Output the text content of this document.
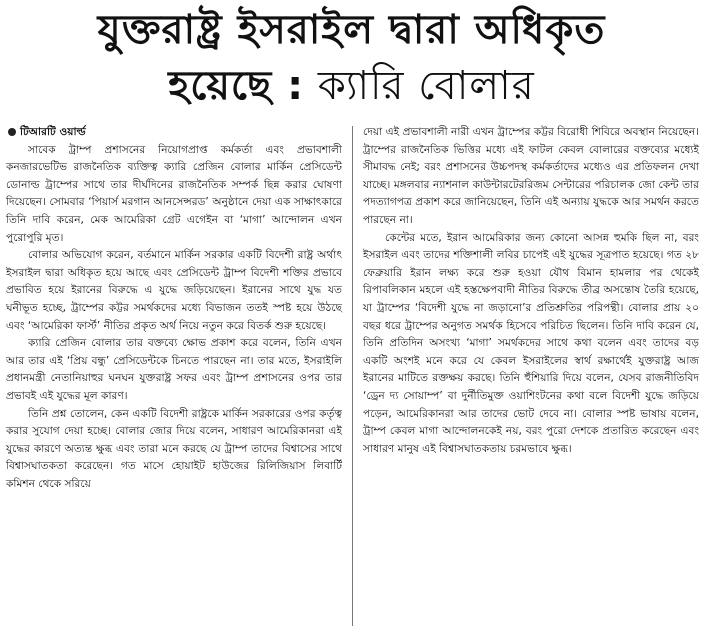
যুক্তরাষ্ট্র ইসরাইল দ্বারা অধিকৃত
হয়েছে : ক্যারি বোলার

টিআরটি ওয়ার্ল্ড

সাবেক ট্রাম্প প্রশাসনের নিয়োগপ্রাপ্ত কর্মকর্তা এবং প্রভাবশালী কনজারভেটিভ রাজনৈতিক ব্যক্তিত্ব ক্যারি প্রেজিন বোলার মার্কিন প্রেসিডেন্ট ডোনাল্ড ট্রাম্পের সাথে তার দীর্ঘদিনের রাজনৈতিক সম্পর্ক ছিন্ন করার ঘোষণা দিয়েছেন। সোমবার ‘পিয়ার্স মরগান আনসেন্সরড’ অনুষ্ঠানে দেয়া এক সাক্ষাৎকারে তিনি দাবি করেন, মেক আমেরিকা গ্রেট এগেইন বা ‘মাগা’ আন্দোলন এখন পুরোপুরি মৃত।

বোলার অভিযোগ করেন, বর্তমানে মার্কিন সরকার একটি বিদেশী রাষ্ট্র অর্থাৎ ইসরাইল দ্বারা অধিকৃত হয়ে আছে এবং প্রেসিডেন্ট ট্রাম্প বিদেশী শক্তির প্রভাবে প্রভাবিত হয়ে ইরানের বিরুদ্ধে এ যুদ্ধে জড়িয়েছেন। ইরানের সাথে যুদ্ধ যত ঘনীভূত হচ্ছে, ট্রাম্পের কট্টর সমর্থকদের মধ্যে বিভাজন ততই স্পষ্ট হয়ে উঠছে এবং ‘আমেরিকা ফার্স্ট’ নীতির প্রকৃত অর্থ নিয়ে নতুন করে বিতর্ক শুরু হয়েছে।

ক্যারি প্রেজিন বোলার তার বক্তব্যে ক্ষোভ প্রকাশ করে বলেন, তিনি এখন আর তার এই ‘প্রিয় বন্ধু’ প্রেসিডেন্টকে চিনতে পারছেন না। তার মতে, ইসরাইলি প্রধানমন্ত্রী নেতানিয়াহুর ঘনঘন যুক্তরাষ্ট্র সফর এবং ট্রাম্প প্রশাসনের ওপর তার প্রভাবই এই যুদ্ধের মূল কারণ।

তিনি প্রশ্ন তোলেন, কেন একটি বিদেশী রাষ্ট্রকে মার্কিন সরকারের ওপর কর্তৃত্ব করার সুযোগ দেয়া হচ্ছে। বোলার জোর দিয়ে বলেন, সাধারণ আমেরিকানরা এই যুদ্ধের কারণে অত্যন্ত ক্ষুব্ধ এবং তারা মনে করছে যে ট্রাম্প তাদের বিশ্বাসের সাথে বিশ্বাসঘাতকতা করেছেন। গত মাসে হোয়াইট হাউজের রিলিজিয়াস লিবার্টি কমিশন থেকে সরিয়ে

দেয়া এই প্রভাবশালী নারী এখন ট্রাম্পের কট্টর বিরোধী শিবিরে অবস্থান নিয়েছেন। ট্রাম্পের রাজনৈতিক ভিত্তির মধ্যে এই ফাটল কেবল বোলারের বক্তব্যের মধ্যেই সীমাবদ্ধ নেই; বরং প্রশাসনের উচ্চপদস্থ কর্মকর্তাদের মধ্যেও এর প্রতিফলন দেখা যাচ্ছে। মঙ্গলবার ন্যাশনাল কাউন্টারটেররিজম সেন্টারের পরিচালক জো কেন্ট তার পদত্যাগপত্র প্রকাশ করে জানিয়েছেন, তিনি এই অন্যায় যুদ্ধকে আর সমর্থন করতে পারছেন না।

কেন্টের মতে, ইরান আমেরিকার জন্য কোনো আসন্ন হুমকি ছিল না, বরং ইসরাইল এবং তাদের শক্তিশালী লবির চাপেই এই যুদ্ধের সূত্রপাত হয়েছে। গত ২৮ ফেব্রুয়ারি ইরান লক্ষ্য করে শুরু হওয়া যৌথ বিমান হামলার পর থেকেই রিপাবলিকান মহলে এই হস্তক্ষেপবাদী নীতির বিরুদ্ধে তীব্র অসন্তোষ তৈরি হয়েছে, যা ট্রাম্পের ‘বিদেশী যুদ্ধে না জড়ানো’র প্রতিশ্রুতির পরিপন্থী। বোলার প্রায় ২০ বছর ধরে ট্রাম্পের অনুগত সমর্থক হিসেবে পরিচিত ছিলেন। তিনি দাবি করেন যে, তিনি প্রতিদিন অসংখ্য ‘মাগা’ সমর্থকদের সাথে কথা বলেন এবং তাদের বড় একটি অংশই মনে করে যে কেবল ইসরাইলের স্বার্থ রক্ষার্থেই যুক্তরাষ্ট্র আজ ইরানের মাটিতে রক্তক্ষয় করছে। তিনি হুঁশিয়ারি দিয়ে বলেন, যেসব রাজনীতিবিদ ‘ড্রেন দ্য সোয়াম্প’ বা দুর্নীতিমুক্ত ওয়াশিংটনের কথা বলে বিদেশী যুদ্ধে জড়িয়ে পড়েন, আমেরিকানরা আর তাদের ভোট দেবে না। বোলার স্পষ্ট ভাষায় বলেন, ট্রাম্প কেবল মাগা আন্দোলনকেই নয়, বরং পুরো দেশকে প্রতারিত করেছেন এবং সাধারণ মানুষ এই বিশ্বাসঘাতকতায় চরমভাবে ক্ষুব্ধ।
